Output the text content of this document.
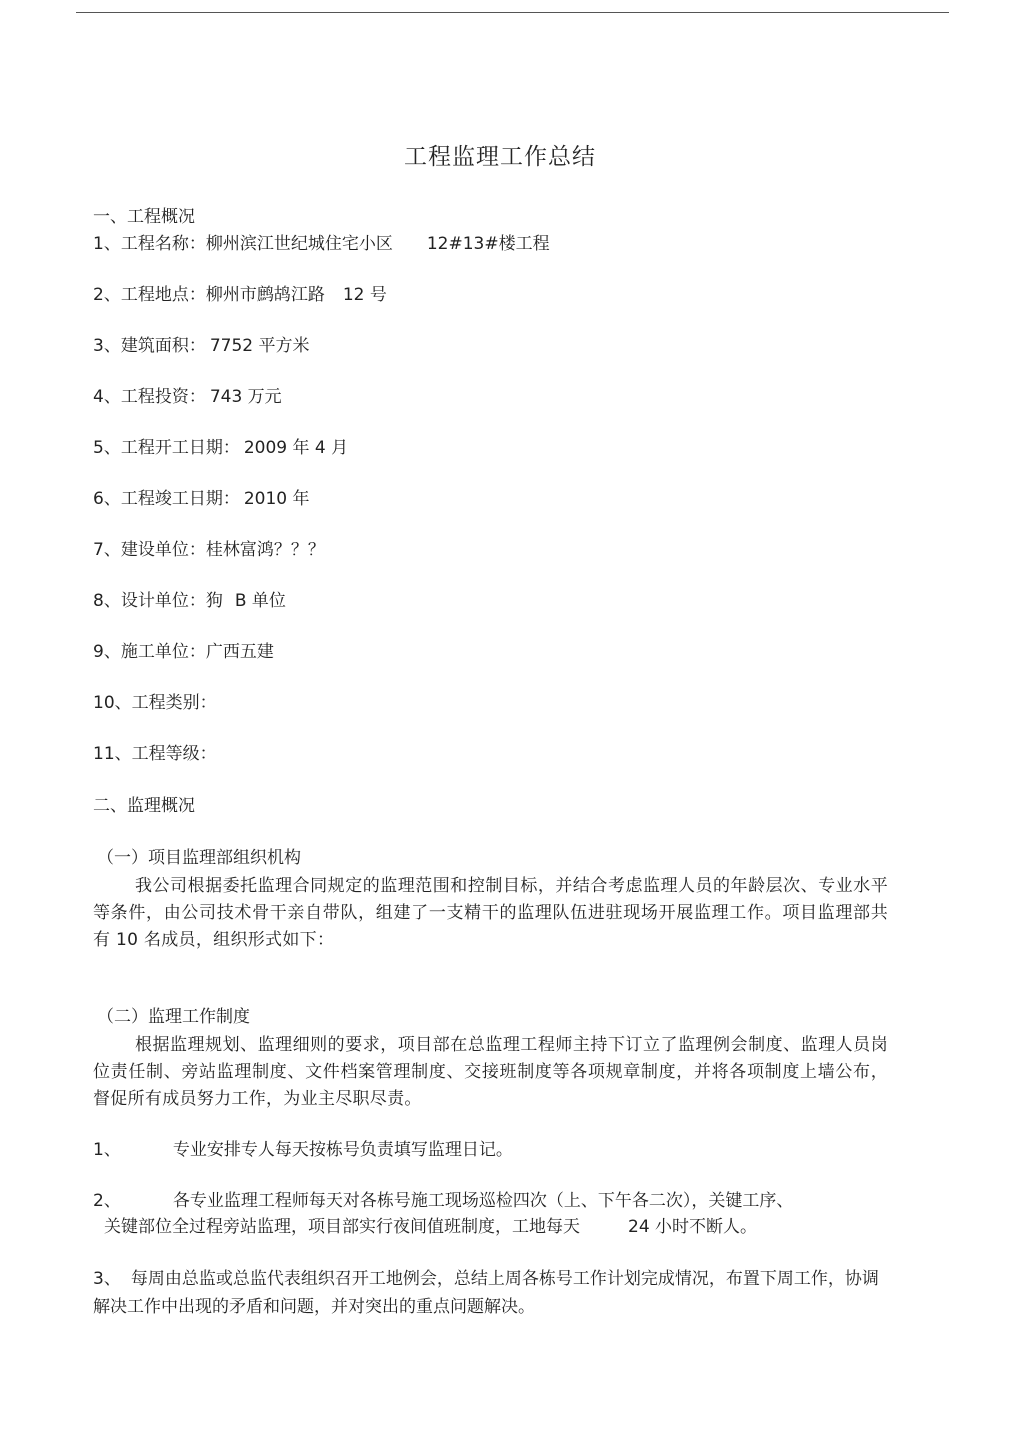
工程监理工作总结
一、工程概况
1、工程名称：柳州滨江世纪城住宅小区 12#13#楼工程
2、工程地点：柳州市鹧鸪江路 12 号
3、建筑面积： 7752 平方米
4、工程投资： 743 万元
5、工程开工日期： 2009 年 4 月
6、工程竣工日期： 2010 年
7、建设单位：桂林富鸿？？？
8、设计单位：狗 B 单位
9、施工单位：广西五建
10、工程类别：
11、工程等级：
二、监理概况
（一）项目监理部组织机构
我公司根据委托监理合同规定的监理范围和控制目标，并结合考虑监理人员的年龄层次、专业水平等条件，由公司技术骨干亲自带队，组建了一支精干的监理队伍进驻现场开展监理工作。项目监理部共有 10 名成员，组织形式如下：
（二）监理工作制度
根据监理规划、监理细则的要求，项目部在总监理工程师主持下订立了监理例会制度、监理人员岗位责任制、旁站监理制度、文件档案管理制度、交接班制度等各项规章制度，并将各项制度上墙公布，督促所有成员努力工作，为业主尽职尽责。
1、	专业安排专人每天按栋号负责填写监理日记。
2、	各专业监理工程师每天对各栋号施工现场巡检四次（上、下午各二次），关键工序、
关键部位全过程旁站监理，项目部实行夜间值班制度，工地每天	24 小时不断人。
3、 每周由总监或总监代表组织召开工地例会，总结上周各栋号工作计划完成情况，布置下周工作，协调解决工作中出现的矛盾和问题，并对突出的重点问题解决。
